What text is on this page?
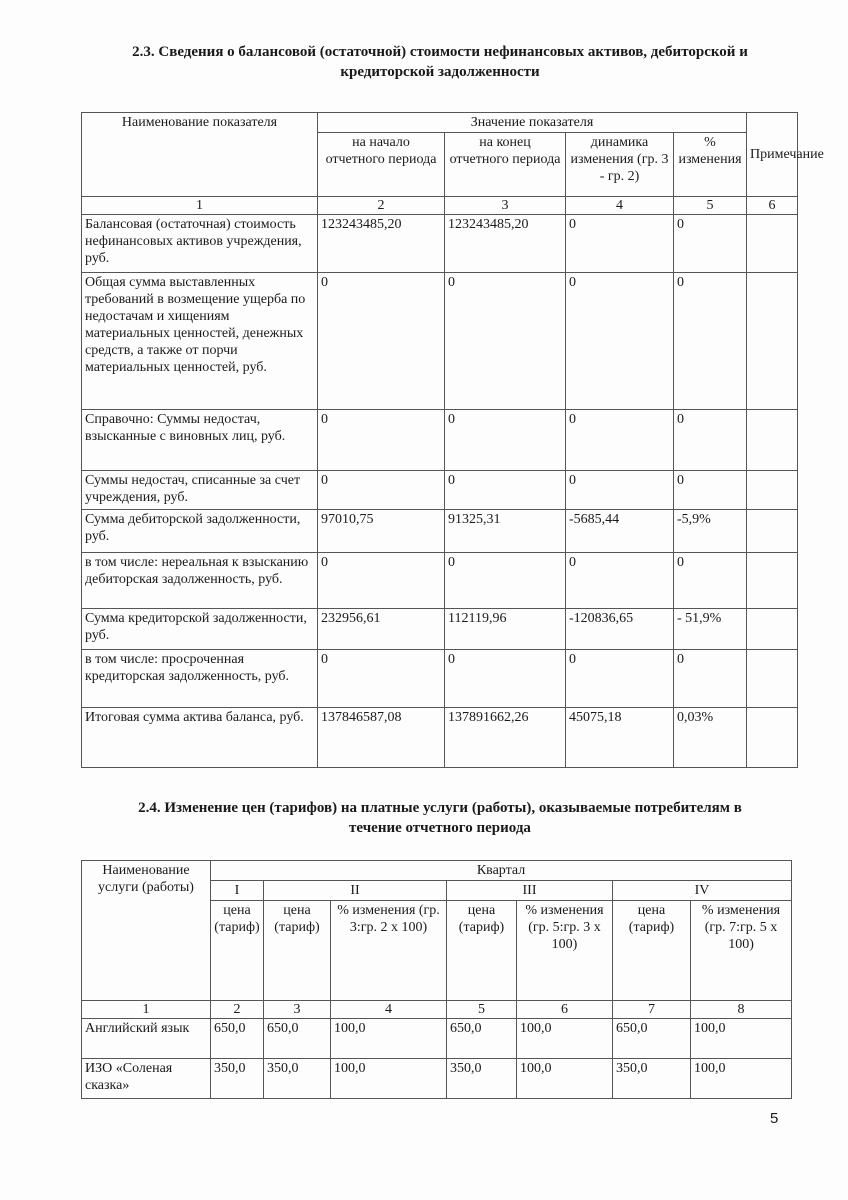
2.3. Сведения о балансовой (остаточной) стоимости нефинансовых активов, дебиторской и
кредиторской задолженности
Наименование показателя	Значение показателя				Примечание
	на начало отчетного периода	на конец отчетного периода	динамика изменения (гр. 3 - гр. 2)	% изменения	
1	2	3	4	5	6
Балансовая (остаточная) стоимость нефинансовых активов учреждения, руб.	123243485,20	123243485,20	0	0	
Общая сумма выставленных требований в возмещение ущерба по недостачам и хищениям материальных ценностей, денежных средств, а также от порчи материальных ценностей, руб.	0	0	0	0	
Справочно: Суммы недостач, взысканные с виновных лиц, руб.	0	0	0	0	
Суммы недостач, списанные за счет учреждения, руб.	0	0	0	0	
Сумма дебиторской задолженности, руб.	97010,75	91325,31	-5685,44	-5,9%	
в том числе: нереальная к взысканию дебиторская задолженность, руб.	0	0	0	0	
Сумма кредиторской задолженности, руб.	232956,61	112119,96	-120836,65	- 51,9%	
в том числе: просроченная кредиторская задолженность, руб.	0	0	0	0	
Итоговая сумма актива баланса, руб.	137846587,08	137891662,26	45075,18	0,03%	
2.4. Изменение цен (тарифов) на платные услуги (работы), оказываемые потребителям в
течение отчетного периода
Наименование услуги (работы)	Квартал						
	I	II		III		IV	
	цена (тариф)	цена (тариф)	% изменения (гр. 3:гр. 2 x 100)	цена (тариф)	% изменения (гр. 5:гр. 3 x 100)	цена (тариф)	% изменения (гр. 7:гр. 5 x 100)
1	2	3	4	5	6	7	8
Английский язык	650,0	650,0	100,0	650,0	100,0	650,0	100,0
ИЗО «Соленая сказка»	350,0	350,0	100,0	350,0	100,0	350,0	100,0
5
